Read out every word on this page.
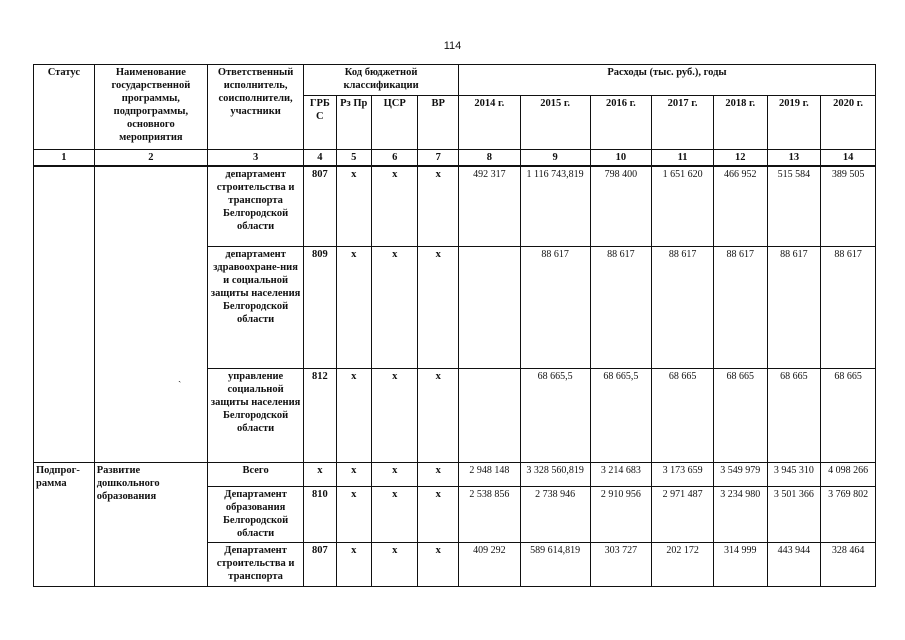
114
Статус	Наименование государственной программы, подпрограммы, основного мероприятия	Ответственный исполнитель, соисполнители, участники	Код бюджетной классификации				Расходы (тыс. руб.), годы						
			ГРБ С	Рз Пр	ЦСР	ВР	2014 г.	2015 г.	2016 г.	2017 г.	2018 г.	2019 г.	2020 г.
1	2	3	4	5	6	7	8	9	10	11	12	13	14
		департамент строительства и транспорта Белгородской области	807	х	х	х	492 317	1 116 743,819	798 400	1 651 620	466 952	515 584	389 505
		департамент здравоохране-ния и социальной защиты населения Белгородской области	809	х	х	х		88 617	88 617	88 617	88 617	88 617	88 617
		управление социальной защиты населения Белгородской области	812	х	х	х		68 665,5	68 665,5	68 665	68 665	68 665	68 665
Подпрог-рамма	Развитие дошкольного образования	Всего	х	х	х	х	2 948 148	3 328 560,819	3 214 683	3 173 659	3 549 979	3 945 310	4 098 266
		Департамент образования Белгородской области	810	х	х	х	2 538 856	2 738 946	2 910 956	2 971 487	3 234 980	3 501 366	3 769 802
		Департамент строительства и транспорта	807	х	х	х	409 292	589 614,819	303 727	202 172	314 999	443 944	328 464
ˎ
